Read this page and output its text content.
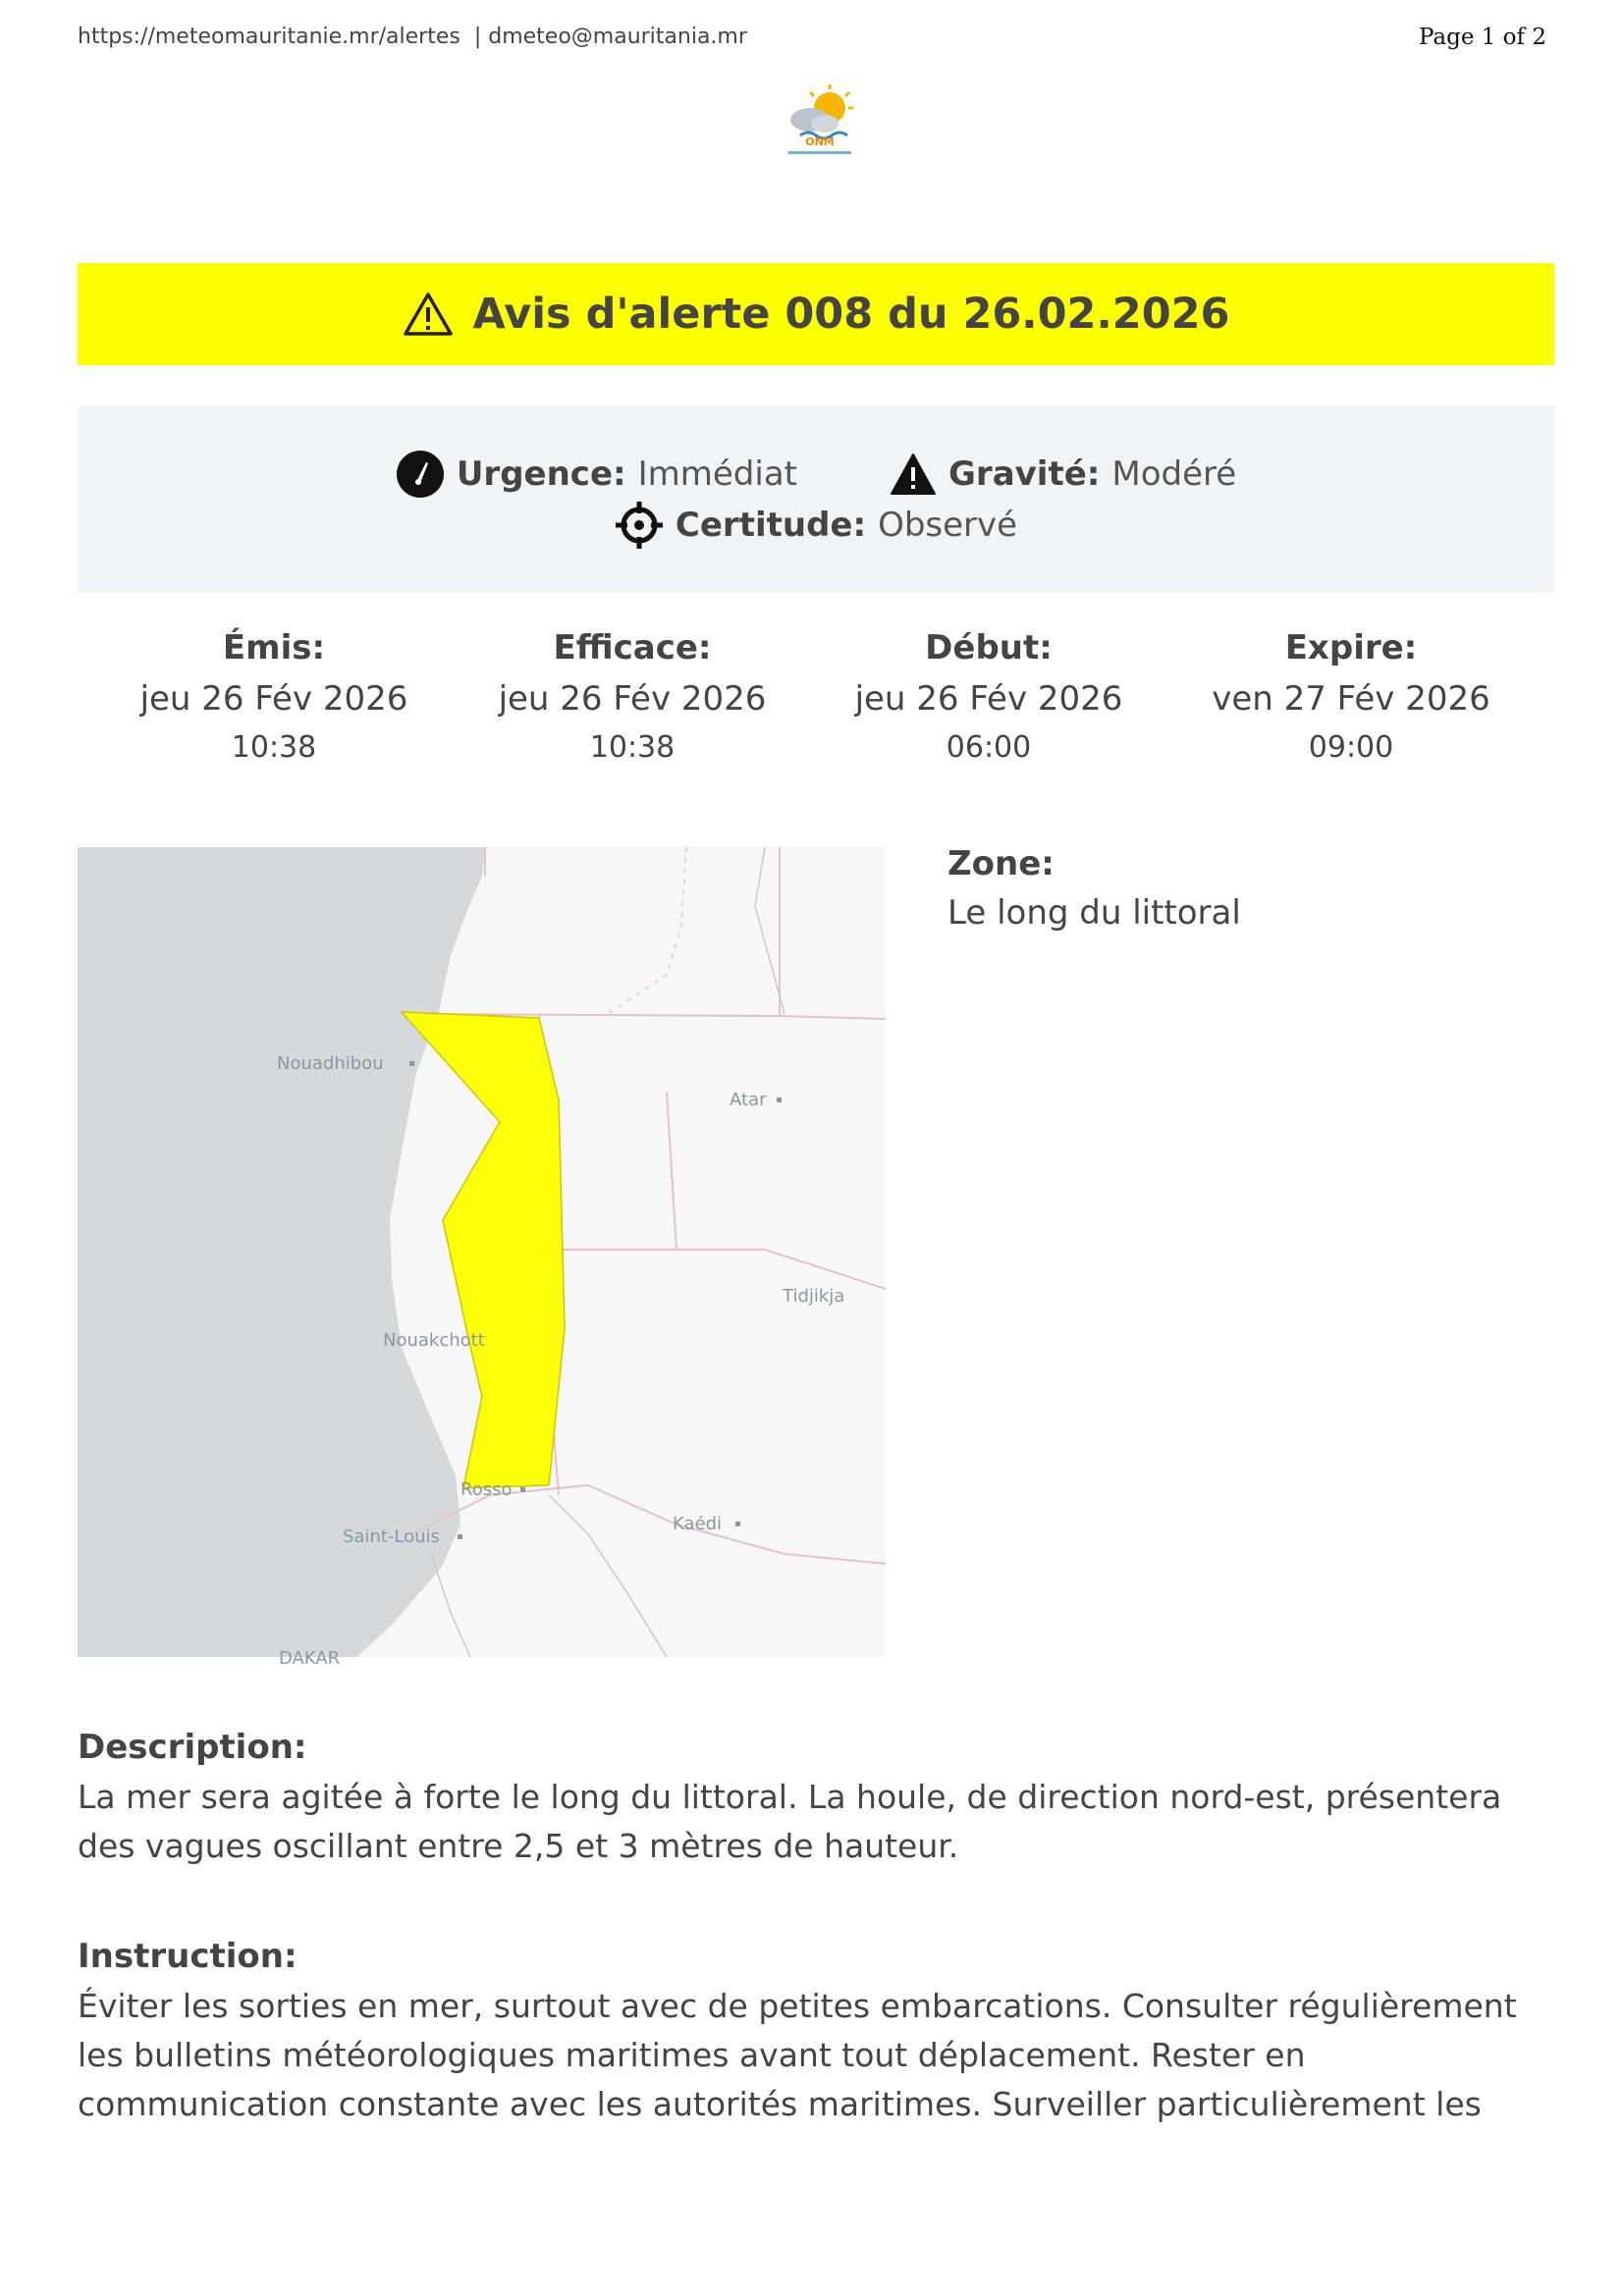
https://meteomauritanie.mr/alertes  | dmeteo@mauritania.mr	Page 1 of 2
ONM
Avis d'alerte 008 du 26.02.2026
Urgence: Immédiat	Gravité: Modéré
Certitude: Observé
Émis:
jeu 26 Fév 2026
10:38
Efficace:
jeu 26 Fév 2026
10:38
Début:
jeu 26 Fév 2026
06:00
Expire:
ven 27 Fév 2026
09:00
Nouadhibou
Atar
Tidjikja
Nouakchott
Rosso
Kaédi
Saint-Louis
DAKAR
Zone:
Le long du littoral
Description:
La mer sera agitée à forte le long du littoral. La houle, de direction nord-est, présentera des vagues oscillant entre 2,5 et 3 mètres de hauteur.
Instruction:
Éviter les sorties en mer, surtout avec de petites embarcations. Consulter régulièrement les bulletins météorologiques maritimes avant tout déplacement. Rester en communication constante avec les autorités maritimes. Surveiller particulièrement les
